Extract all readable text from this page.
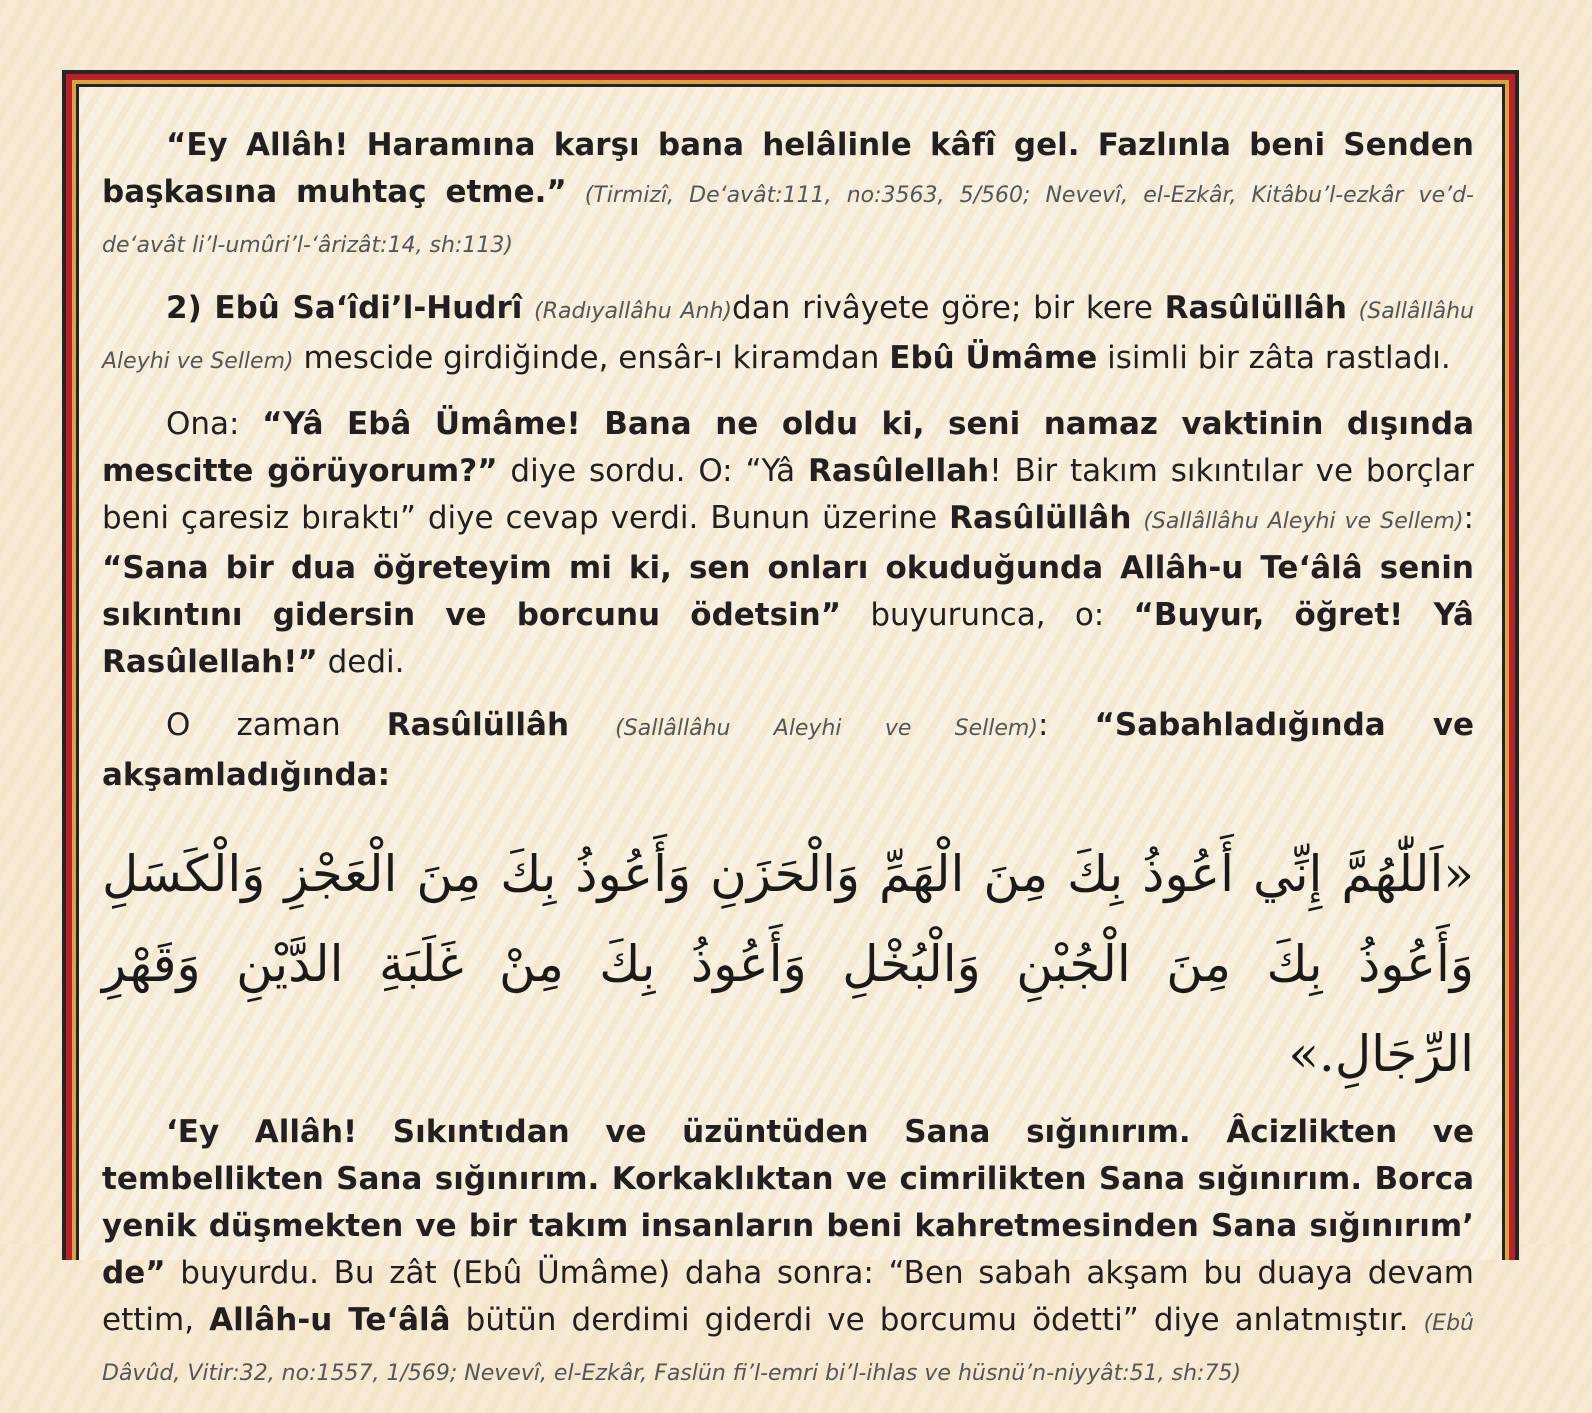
“Ey Allâh! Haramına karşı bana helâlinle kâfî gel. Fazlınla beni Senden başkasına muhtaç etme.” (Tirmizî, De‘avât:111, no:3563, 5/560; Nevevî, el-Ezkâr, Kitâbu’l-ezkâr ve’d-de‘avât li’l-umûri’l-‘ârizât:14, sh:113)

2) Ebû Sa‘îdi’l-Hudrî (Radıyallâhu Anh)dan rivâyete göre; bir kere Rasûlüllâh (Sallâllâhu Aleyhi ve Sellem) mescide girdiğinde, ensâr-ı kiramdan Ebû Ümâme isimli bir zâta rastladı.

Ona: “Yâ Ebâ Ümâme! Bana ne oldu ki, seni namaz vaktinin dışında mescitte görüyorum?” diye sordu. O: “Yâ Rasûlellah! Bir takım sıkıntılar ve borçlar beni çaresiz bıraktı” diye cevap verdi. Bunun üzerine Rasûlüllâh (Sallâllâhu Aleyhi ve Sellem): “Sana bir dua öğreteyim mi ki, sen onları okuduğunda Allâh-u Te‘âlâ senin sıkıntını gidersin ve borcunu ödetsin” buyurunca, o: “Buyur, öğret! Yâ Rasûlellah!” dedi.

O zaman Rasûlüllâh (Sallâllâhu Aleyhi ve Sellem): “Sabahladığında ve akşamladığında:

«اَللّٰهُمَّ إِنِّي أَعُوذُ بِكَ مِنَ الْهَمِّ وَالْحَزَنِ وَأَعُوذُ بِكَ مِنَ الْعَجْزِ وَالْكَسَلِ
وَأَعُوذُ بِكَ مِنَ الْجُبْنِ وَالْبُخْلِ وَأَعُوذُ بِكَ مِنْ غَلَبَةِ الدَّيْنِ وَقَهْرِ الرِّجَالِ.»

‘Ey Allâh! Sıkıntıdan ve üzüntüden Sana sığınırım. Âcizlikten ve tembellikten Sana sığınırım. Korkaklıktan ve cimrilikten Sana sığınırım. Borca yenik düşmekten ve bir takım insanların beni kahretmesinden Sana sığınırım’ de” buyurdu. Bu zât (Ebû Ümâme) daha sonra: “Ben sabah akşam bu duaya devam ettim, Allâh-u Te‘âlâ bütün derdimi giderdi ve borcumu ödetti” diye anlatmıştır. (Ebû Dâvûd, Vitir:32, no:1557, 1/569; Nevevî, el-Ezkâr, Faslün fi’l-emri bi’l-ihlas ve hüsnü’n-niyyât:51, sh:75)
